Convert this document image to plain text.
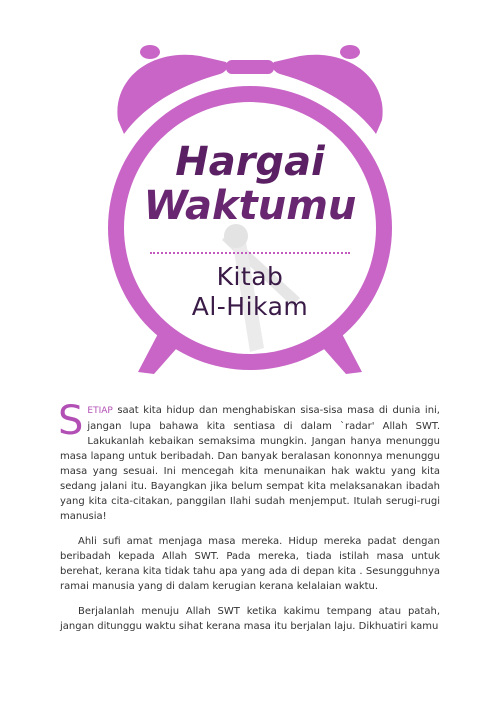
Hargai
Waktumu
Kitab
Al-Hikam

SETIAP saat kita hidup dan menghabiskan sisa-sisa masa di dunia ini, jangan lupa bahawa kita sentiasa di dalam `radar' Allah SWT. Lakukanlah kebaikan semaksima mungkin. Jangan hanya menunggu masa lapang untuk beribadah. Dan banyak beralasan kononnya menunggu masa yang sesuai. Ini mencegah kita menunaikan hak waktu yang kita sedang jalani itu. Bayangkan jika belum sempat kita melaksanakan ibadah yang kita cita-citakan, panggilan Ilahi sudah menjemput. Itulah serugi-rugi manusia!

Ahli sufi amat menjaga masa mereka. Hidup mereka padat dengan beribadah kepada Allah SWT. Pada mereka, tiada istilah masa untuk berehat, kerana kita tidak tahu apa yang ada di depan kita . Sesungguhnya ramai manusia yang di dalam kerugian kerana kelalaian waktu.

Berjalanlah menuju Allah SWT ketika kakimu tempang atau patah, jangan ditunggu waktu sihat kerana masa itu berjalan laju. Dikhuatiri kamu
